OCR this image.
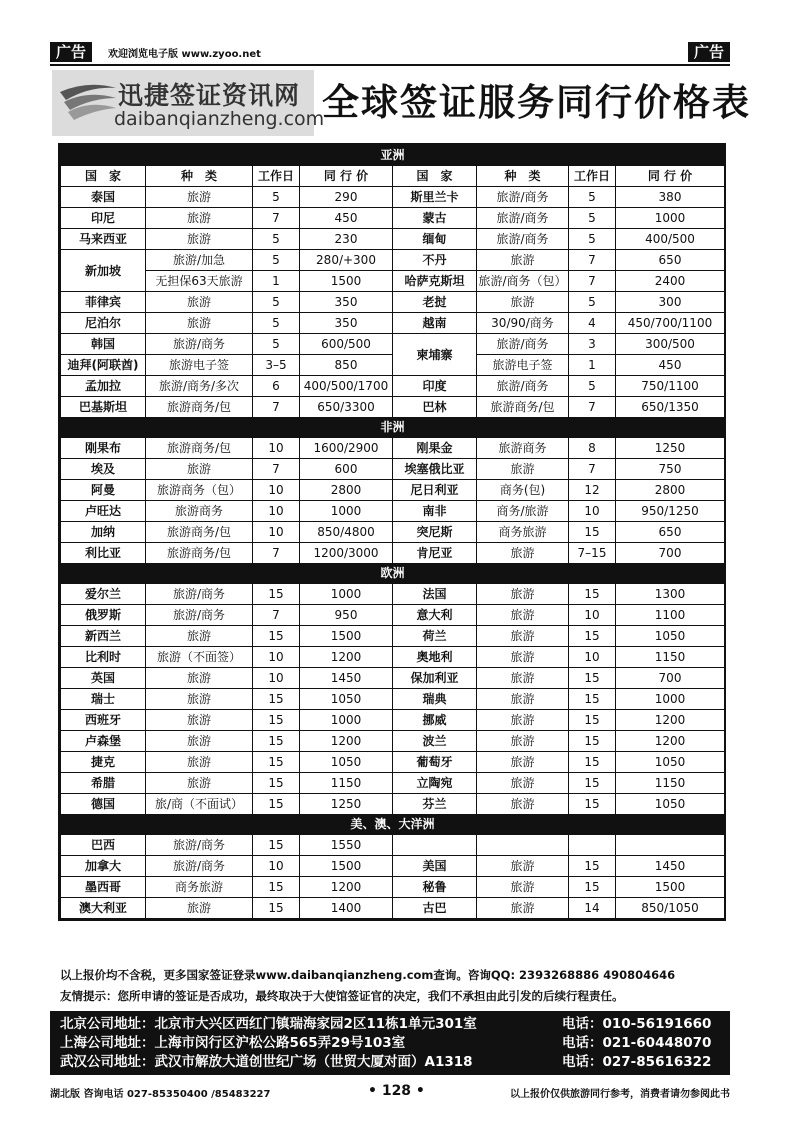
广告	欢迎浏览电子版 www.zyoo.net	广告
迅捷签证资讯网
daibanqianzheng.com
全球签证服务同行价格表
亚洲							
国　家	种　类	工作日	同 行 价	国　家	种　类	工作日	同 行 价
泰国	旅游	5	290	斯里兰卡	旅游/商务	5	380
印尼	旅游	7	450	蒙古	旅游/商务	5	1000
马来西亚	旅游	5	230	缅甸	旅游/商务	5	400/500
新加坡	旅游/加急	5	280/+300	不丹	旅游	7	650
	无担保63天旅游	1	1500	哈萨克斯坦	旅游/商务（包）	7	2400
菲律宾	旅游	5	350	老挝	旅游	5	300
尼泊尔	旅游	5	350	越南	30/90/商务	4	450/700/1100
韩国	旅游/商务	5	600/500	柬埔寨	旅游/商务	3	300/500
迪拜(阿联酋)	旅游电子签	3–5	850		旅游电子签	1	450
孟加拉	旅游/商务/多次	6	400/500/1700	印度	旅游/商务	5	750/1100
巴基斯坦	旅游商务/包	7	650/3300	巴林	旅游商务/包	7	650/1350
非洲							
刚果布	旅游商务/包	10	1600/2900	刚果金	旅游商务	8	1250
埃及	旅游	7	600	埃塞俄比亚	旅游	7	750
阿曼	旅游商务（包）	10	2800	尼日利亚	商务(包)	12	2800
卢旺达	旅游商务	10	1000	南非	商务/旅游	10	950/1250
加纳	旅游商务/包	10	850/4800	突尼斯	商务旅游	15	650
利比亚	旅游商务/包	7	1200/3000	肯尼亚	旅游	7–15	700
欧洲							
爱尔兰	旅游/商务	15	1000	法国	旅游	15	1300
俄罗斯	旅游/商务	7	950	意大利	旅游	10	1100
新西兰	旅游	15	1500	荷兰	旅游	15	1050
比利时	旅游（不面签）	10	1200	奥地利	旅游	10	1150
英国	旅游	10	1450	保加利亚	旅游	15	700
瑞士	旅游	15	1050	瑞典	旅游	15	1000
西班牙	旅游	15	1000	挪威	旅游	15	1200
卢森堡	旅游	15	1200	波兰	旅游	15	1200
捷克	旅游	15	1050	葡萄牙	旅游	15	1050
希腊	旅游	15	1150	立陶宛	旅游	15	1150
德国	旅/商（不面试）	15	1250	芬兰	旅游	15	1050
美、澳、大洋洲							
巴西	旅游/商务	15	1550				
加拿大	旅游/商务	10	1500	美国	旅游	15	1450
墨西哥	商务旅游	15	1200	秘鲁	旅游	15	1500
澳大利亚	旅游	15	1400	古巴	旅游	14	850/1050
以上报价均不含税，更多国家签证登录www.daibanqianzheng.com查询。咨询QQ: 2393268886 490804646
友情提示：您所申请的签证是否成功，最终取决于大使馆签证官的决定，我们不承担由此引发的后续行程责任。
北京公司地址：北京市大兴区西红门镇瑞海家园2区11栋1单元301室	电话：010-56191660
上海公司地址：上海市闵行区沪松公路565弄29号103室	电话：021-60448070
武汉公司地址：武汉市解放大道创世纪广场（世贸大厦对面）A1318	电话：027-85616322
湖北版 咨询电话 027-85350400 /85483227	• 128 •	以上报价仅供旅游同行参考，消费者请勿参阅此书
